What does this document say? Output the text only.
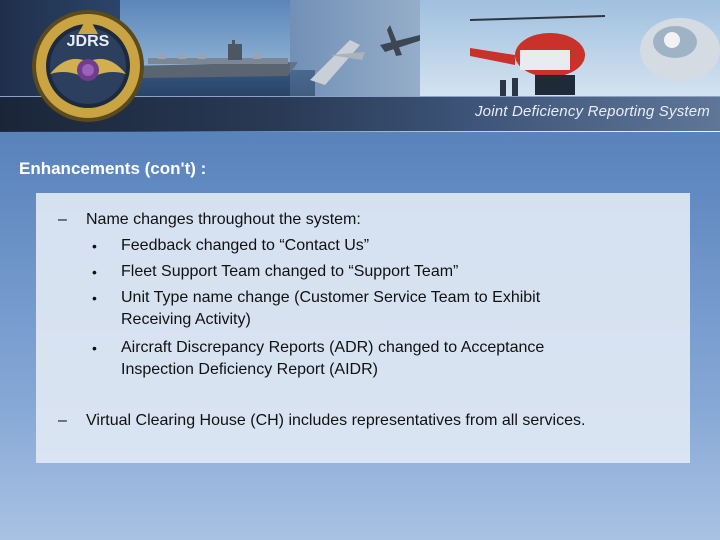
Joint Deficiency Reporting System
JDRS
Enhancements (con't) :
– Name changes throughout the system:
• Feedback changed to “Contact Us”
• Fleet Support Team changed to “Support Team”
• Unit Type name change (Customer Service Team to Exhibit
Receiving Activity)
• Aircraft Discrepancy Reports (ADR) changed to Acceptance
Inspection Deficiency Report (AIDR)
– Virtual Clearing House (CH) includes representatives from all services.
